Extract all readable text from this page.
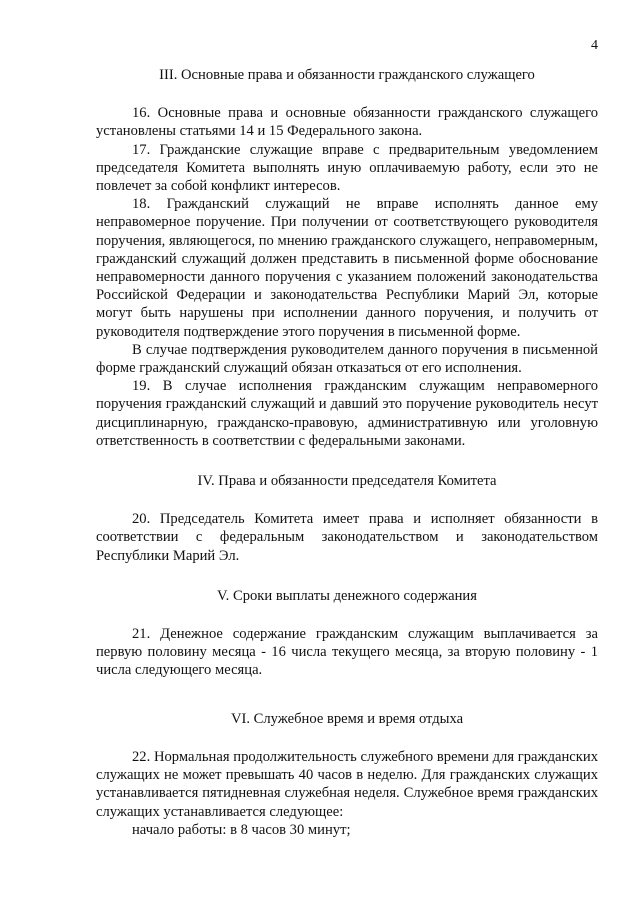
4

III. Основные права и обязанности гражданского служащего

16. Основные права и основные обязанности гражданского служащего установлены статьями 14 и 15 Федерального закона.

17. Гражданские служащие вправе с предварительным уведомлением председателя Комитета выполнять иную оплачиваемую работу, если это не повлечет за собой конфликт интересов.

18. Гражданский служащий не вправе исполнять данное ему неправомерное поручение. При получении от соответствующего руководителя поручения, являющегося, по мнению гражданского служащего, неправомерным, гражданский служащий должен представить в письменной форме обоснование неправомерности данного поручения с указанием положений законодательства Российской Федерации и законодательства Республики Марий Эл, которые могут быть нарушены при исполнении данного поручения, и получить от руководителя подтверждение этого поручения в письменной форме.

В случае подтверждения руководителем данного поручения в письменной форме гражданский служащий обязан отказаться от его исполнения.

19. В случае исполнения гражданским служащим неправомерного поручения гражданский служащий и давший это поручение руководитель несут дисциплинарную, гражданско-правовую, административную или уголовную ответственность в соответствии с федеральными законами.

IV. Права и обязанности председателя Комитета

20. Председатель Комитета имеет права и исполняет обязанности в соответствии с федеральным законодательством и законодательством Республики Марий Эл.

V. Сроки выплаты денежного содержания

21. Денежное содержание гражданским служащим выплачивается за первую половину месяца - 16 числа текущего месяца, за вторую половину - 1 числа следующего месяца.

VI. Служебное время и время отдыха

22. Нормальная продолжительность служебного времени для гражданских служащих не может превышать 40 часов в неделю. Для гражданских служащих устанавливается пятидневная служебная неделя. Служебное время гражданских служащих устанавливается следующее:

начало работы: в 8 часов 30 минут;
